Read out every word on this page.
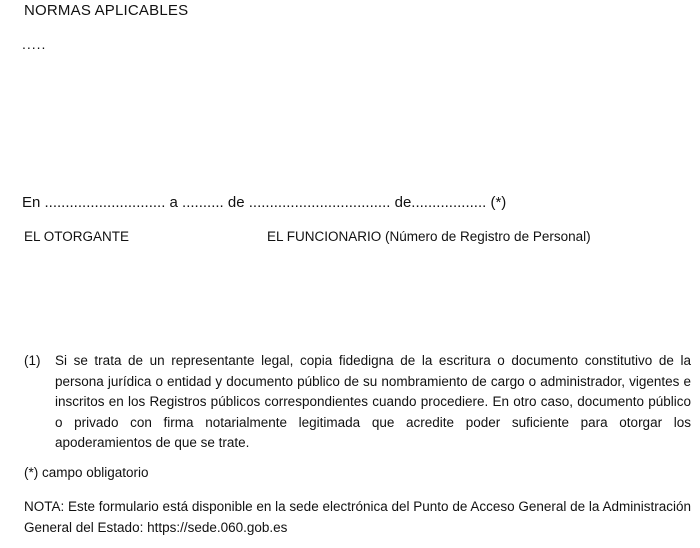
NORMAS APLICABLES
.....
En ............................. a .......... de .................................. de.................. (*)
EL OTORGANTE	EL FUNCIONARIO (Número de Registro de Personal)
(1) Si se trata de un representante legal, copia fidedigna de la escritura o documento constitutivo de la persona jurídica o entidad y documento público de su nombramiento de cargo o administrador, vigentes e inscritos en los Registros públicos correspondientes cuando procediere. En otro caso, documento público o privado con firma notarialmente legitimada que acredite poder suficiente para otorgar los apoderamientos de que se trate.
(*) campo obligatorio
NOTA: Este formulario está disponible en la sede electrónica del Punto de Acceso General de la Administración General del Estado: https://sede.060.gob.es
